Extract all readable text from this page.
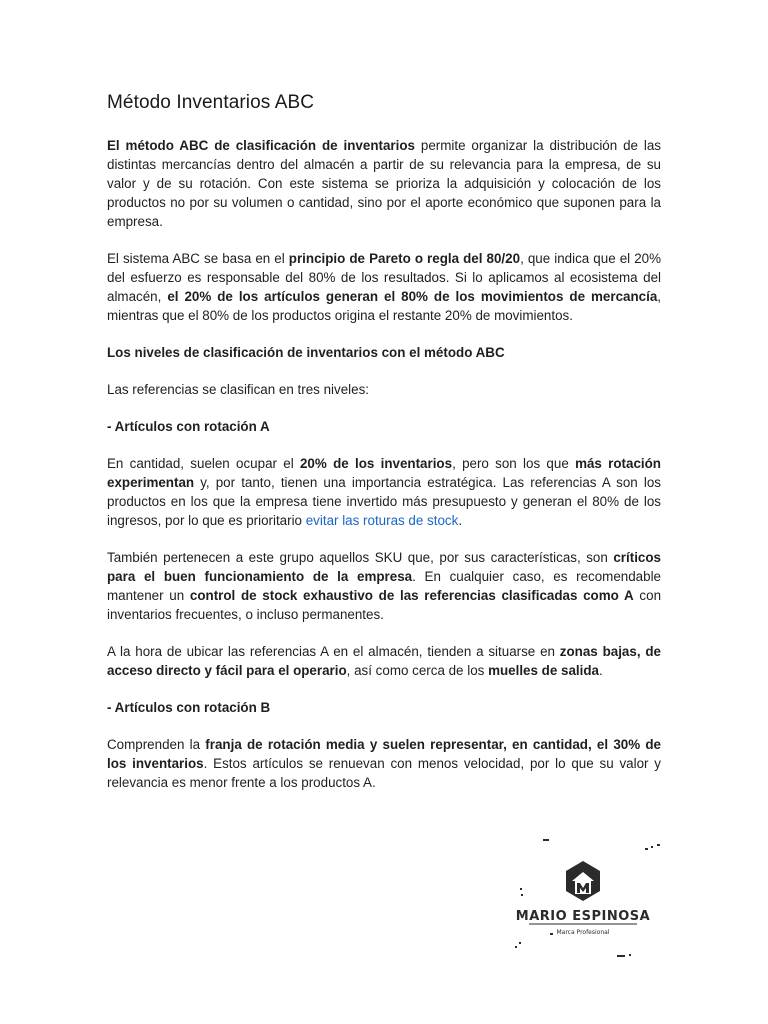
Método Inventarios ABC

El método ABC de clasificación de inventarios permite organizar la distribución de las distintas mercancías dentro del almacén a partir de su relevancia para la empresa, de su valor y de su rotación. Con este sistema se prioriza la adquisición y colocación de los productos no por su volumen o cantidad, sino por el aporte económico que suponen para la empresa.

El sistema ABC se basa en el principio de Pareto o regla del 80/20, que indica que el 20% del esfuerzo es responsable del 80% de los resultados. Si lo aplicamos al ecosistema del almacén, el 20% de los artículos generan el 80% de los movimientos de mercancía, mientras que el 80% de los productos origina el restante 20% de movimientos.

Los niveles de clasificación de inventarios con el método ABC

Las referencias se clasifican en tres niveles:

- Artículos con rotación A

En cantidad, suelen ocupar el 20% de los inventarios, pero son los que más rotación experimentan y, por tanto, tienen una importancia estratégica. Las referencias A son los productos en los que la empresa tiene invertido más presupuesto y generan el 80% de los ingresos, por lo que es prioritario evitar las roturas de stock.

También pertenecen a este grupo aquellos SKU que, por sus características, son críticos para el buen funcionamiento de la empresa. En cualquier caso, es recomendable mantener un control de stock exhaustivo de las referencias clasificadas como A con inventarios frecuentes, o incluso permanentes.

A la hora de ubicar las referencias A en el almacén, tienden a situarse en zonas bajas, de acceso directo y fácil para el operario, así como cerca de los muelles de salida.

- Artículos con rotación B

Comprenden la franja de rotación media y suelen representar, en cantidad, el 30% de los inventarios. Estos artículos se renuevan con menos velocidad, por lo que su valor y relevancia es menor frente a los productos A.

MARIO ESPINOSA
Marca Profesional
